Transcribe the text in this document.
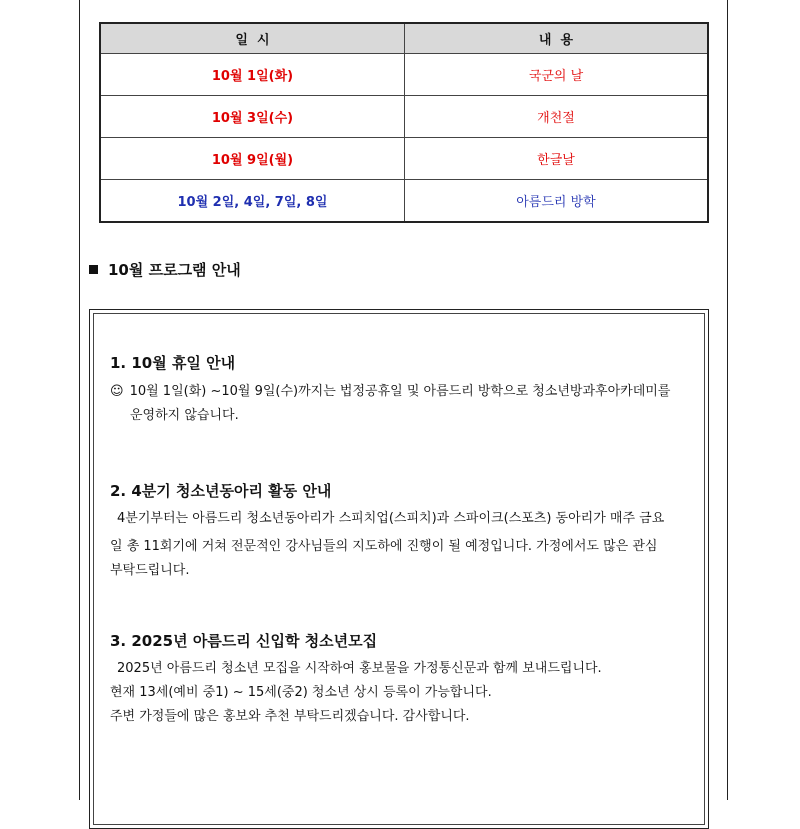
일  시	내  용
10월 1일(화)	국군의 날
10월 3일(수)	개천절
10월 9일(월)	한글날
10월 2일, 4일, 7일, 8일	아름드리 방학
10월 프로그램 안내
1. 10월 휴일 안내
☺ 10월 1일(화) ~10월 9일(수)까지는 법정공휴일 및 아름드리 방학으로 청소년방과후아카데미를
운영하지 않습니다.
2. 4분기 청소년동아리 활동 안내
4분기부터는 아름드리 청소년동아리가 스피치업(스피치)과 스파이크(스포츠) 동아리가 매주 금요
일 총 11회기에 거쳐 전문적인 강사님들의 지도하에 진행이 될 예정입니다. 가정에서도 많은 관심
부탁드립니다.
3. 2025년 아름드리 신입학 청소년모집
2025년 아름드리 청소년 모집을 시작하여 홍보물을 가정통신문과 함께 보내드립니다.
현재 13세(예비 중1) ~ 15세(중2) 청소년 상시 등록이 가능합니다.
주변 가정들에 많은 홍보와 추천 부탁드리겠습니다. 감사합니다.
